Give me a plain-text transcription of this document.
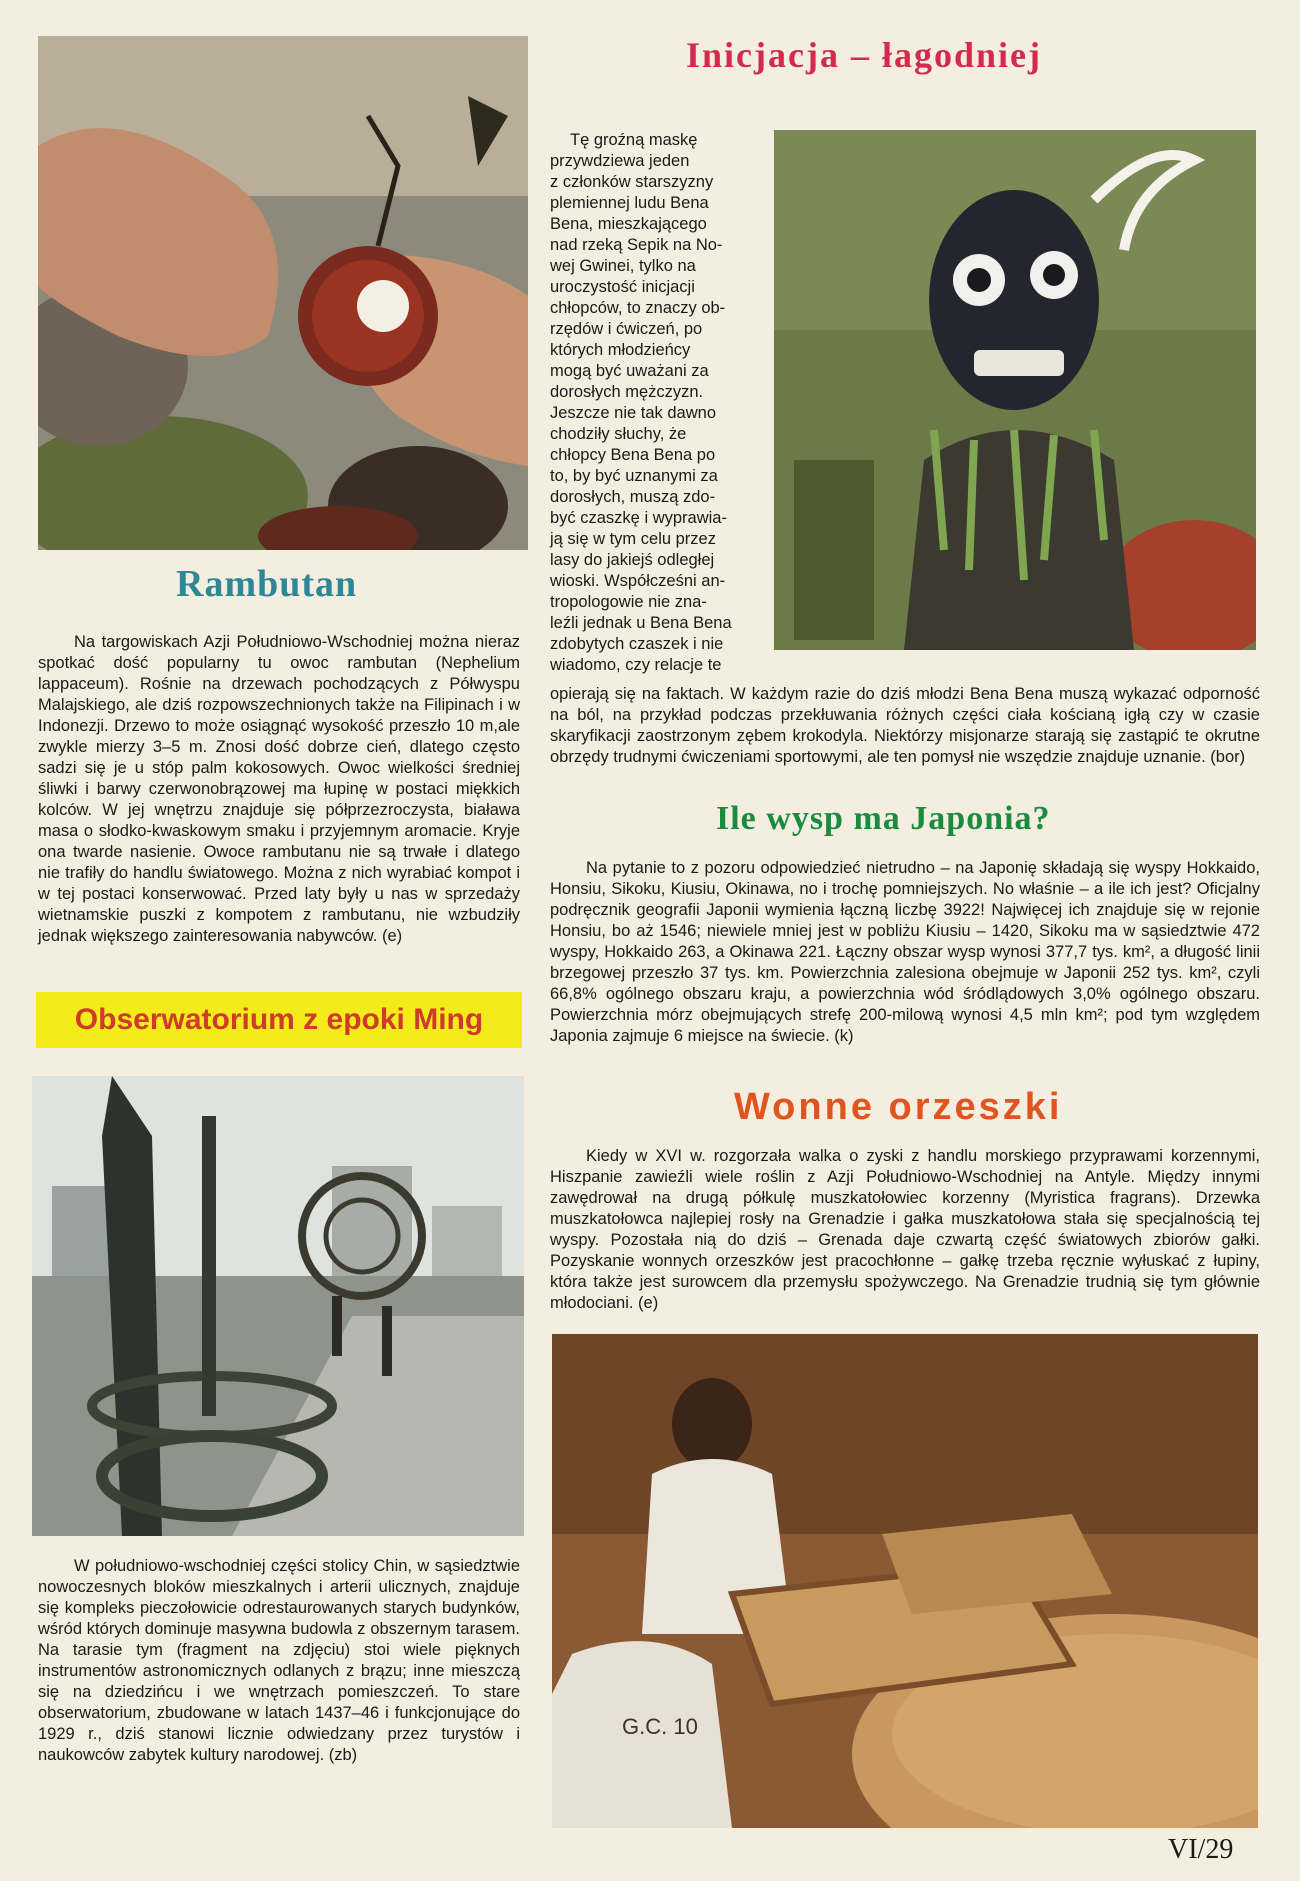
Inicjacja – łagodniej
Tę groźną maskę
przywdziewa jeden
z członków starszyzny
plemiennej ludu Bena
Bena, mieszkającego
nad rzeką Sepik na No-
wej Gwinei, tylko na
uroczystość inicjacji
chłopców, to znaczy ob-
rzędów i ćwiczeń, po
których młodzieńcy
mogą być uważani za
dorosłych mężczyzn.
Jeszcze nie tak dawno
chodziły słuchy, że
chłopcy Bena Bena po
to, by być uznanymi za
dorosłych, muszą zdo-
być czaszkę i wyprawia-
ją się w tym celu przez
lasy do jakiejś odległej
wioski. Współcześni an-
tropologowie nie zna-
leźli jednak u Bena Bena
zdobytych czaszek i nie
wiadomo, czy relacje te

opierają się na faktach. W każdym razie do dziś młodzi Bena Bena muszą wykazać odporność na ból, na przykład podczas przekłuwania różnych części ciała kościaną igłą czy w czasie skaryfikacji zaostrzonym zębem krokodyla. Niektórzy misjonarze starają się zastąpić te okrutne obrzędy trudnymi ćwiczeniami sportowymi, ale ten pomysł nie wszędzie znajduje uznanie. (bor)

Rambutan

Na targowiskach Azji Południowo-Wschodniej można nieraz spotkać dość popularny tu owoc rambutan (Nephelium lappaceum). Rośnie na drzewach pochodzących z Półwyspu Malajskiego, ale dziś rozpowszechnionych także na Filipinach i w Indonezji. Drzewo to może osiągnąć wysokość przeszło 10 m,ale zwykle mierzy 3–5 m. Znosi dość dobrze cień, dlatego często sadzi się je u stóp palm kokosowych. Owoc wielkości średniej śliwki i barwy czerwonobrązowej ma łupinę w postaci miękkich kolców. W jej wnętrzu znajduje się półprzezroczysta, biaława masa o słodko-kwaskowym smaku i przyjemnym aromacie. Kryje ona twarde nasienie. Owoce rambutanu nie są trwałe i dlatego nie trafiły do handlu światowego. Można z nich wyrabiać kompot i w tej postaci konserwować. Przed laty były u nas w sprzedaży wietnamskie puszki z kompotem z rambutanu, nie wzbudziły jednak większego zainteresowania nabywców. (e)

Ile wysp ma Japonia?

Na pytanie to z pozoru odpowiedzieć nietrudno – na Japonię składają się wyspy Hokkaido, Honsiu, Sikoku, Kiusiu, Okinawa, no i trochę pomniejszych. No właśnie – a ile ich jest? Oficjalny podręcznik geografii Japonii wymienia łączną liczbę 3922! Najwięcej ich znajduje się w rejonie Honsiu, bo aż 1546; niewiele mniej jest w pobliżu Kiusiu – 1420, Sikoku ma w sąsiedztwie 472 wyspy, Hokkaido 263, a Okinawa 221. Łączny obszar wysp wynosi 377,7 tys. km², a długość linii brzegowej przeszło 37 tys. km. Powierzchnia zalesiona obejmuje w Japonii 252 tys. km², czyli 66,8% ogólnego obszaru kraju, a powierzchnia wód śródlądowych 3,0% ogólnego obszaru. Powierzchnia mórz obejmujących strefę 200-milową wynosi 4,5 mln km²; pod tym względem Japonia zajmuje 6 miejsce na świecie. (k)

Obserwatorium z epoki Ming

W południowo-wschodniej części stolicy Chin, w sąsiedztwie nowoczesnych bloków mieszkalnych i arterii ulicznych, znajduje się kompleks pieczołowicie odrestaurowanych starych budynków, wśród których dominuje masywna budowla z obszernym tarasem. Na tarasie tym (fragment na zdjęciu) stoi wiele pięknych instrumentów astronomicznych odlanych z brązu; inne mieszczą się na dziedzińcu i we wnętrzach pomieszczeń. To stare obserwatorium, zbudowane w latach 1437–46 i funkcjonujące do 1929 r., dziś stanowi licznie odwiedzany przez turystów i naukowców zabytek kultury narodowej. (zb)

Wonne orzeszki

Kiedy w XVI w. rozgorzała walka o zyski z handlu morskiego przyprawami korzennymi, Hiszpanie zawieźli wiele roślin z Azji Południowo-Wschodniej na Antyle. Między innymi zawędrował na drugą półkulę muszkatołowiec korzenny (Myristica fragrans). Drzewka muszkatołowca najlepiej rosły na Grenadzie i gałka muszkatołowa stała się specjalnością tej wyspy. Pozostała nią do dziś – Grenada daje czwartą część światowych zbiorów gałki. Pozyskanie wonnych orzeszków jest pracochłonne – gałkę trzeba ręcznie wyłuskać z łupiny, która także jest surowcem dla przemysłu spożywczego. Na Grenadzie trudnią się tym głównie młodociani. (e)

G.C. 10
VI/29
